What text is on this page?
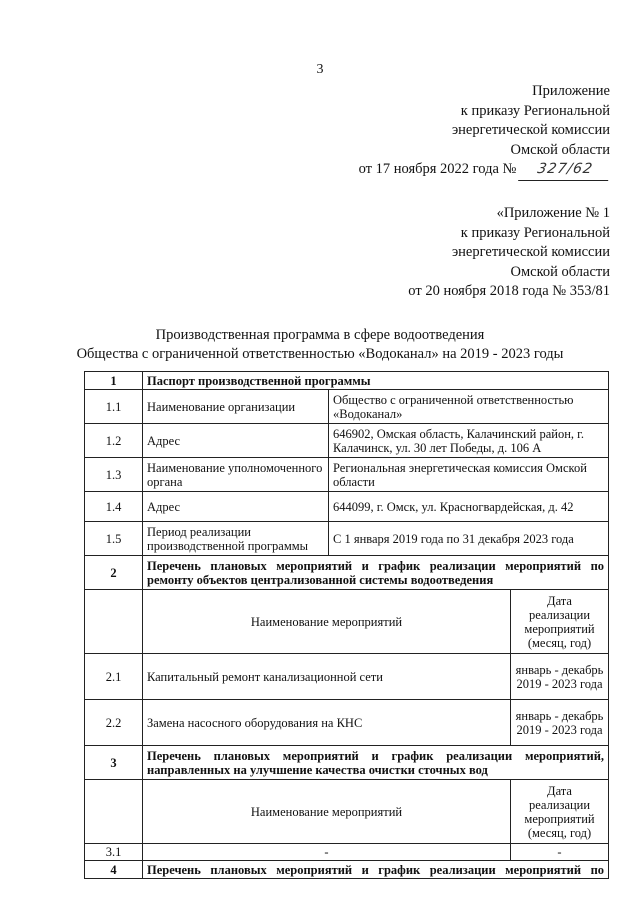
3
Приложение
к приказу Региональной
энергетической комиссии
Омской области
от 17 ноября 2022 года № 327/62
«Приложение № 1
к приказу Региональной
энергетической комиссии
Омской области
от 20 ноября 2018 года № 353/81
Производственная программа в сфере водоотведения
Общества с ограниченной ответственностью «Водоканал» на 2019 - 2023 годы
1	Паспорт производственной программы		
1.1	Наименование организации	Общество с ограниченной ответственностью «Водоканал»	
1.2	Адрес	646902, Омская область, Калачинский район, г. Калачинск, ул. 30 лет Победы, д. 106 А	
1.3	Наименование уполномоченного органа	Региональная энергетическая комиссия Омской области	
1.4	Адрес	644099, г. Омск, ул. Красногвардейская, д. 42	
1.5	Период реализации производственной программы	С 1 января 2019 года по 31 декабря 2023 года	
2	Перечень плановых мероприятий и график реализации мероприятий по ремонту объектов централизованной системы водоотведения		
	Наименование мероприятий		Дата реализации мероприятий (месяц, год)
2.1	Капитальный ремонт канализационной сети		январь - декабрь 2019 - 2023 года
2.2	Замена насосного оборудования на КНС		январь - декабрь 2019 - 2023 года
3	Перечень плановых мероприятий и график реализации мероприятий, направленных на улучшение качества очистки сточных вод		
	Наименование мероприятий		Дата реализации мероприятий (месяц, год)
3.1	-		-
4	Перечень плановых мероприятий и график реализации мероприятий по		
